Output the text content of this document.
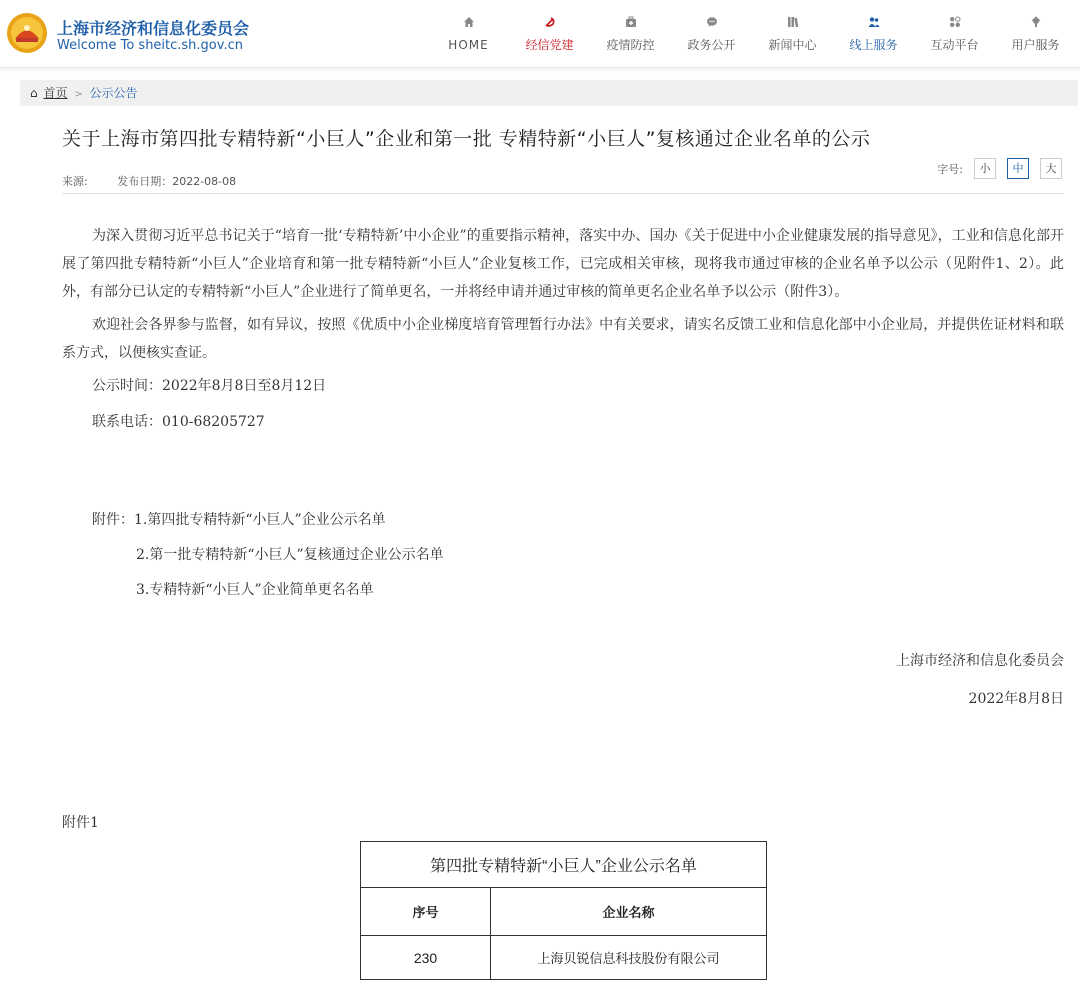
上海市经济和信息化委员会
Welcome To sheitc.sh.gov.cn	HOME	经信党建	疫情防控	政务公开	新闻中心	线上服务	互动平台	用户服务
⌂ 首页 > 公示公告
关于上海市第四批专精特新“小巨人”企业和第一批 专精特新“小巨人”复核通过企业名单的公示
来源:	发布日期：2022-08-08
字号:	小	中	大

为深入贯彻习近平总书记关于“培育一批‘专精特新’中小企业”的重要指示精神，落实中办、国办《关于促进中小企业健康发展的指导意见》，工业和信息化部开展了第四批专精特新“小巨人”企业培育和第一批专精特新“小巨人”企业复核工作，已完成相关审核，现将我市通过审核的企业名单予以公示（见附件1、2）。此外，有部分已认定的专精特新“小巨人”企业进行了简单更名，一并将经申请并通过审核的简单更名企业名单予以公示（附件3）。

欢迎社会各界参与监督，如有异议，按照《优质中小企业梯度培育管理暂行办法》中有关要求，请实名反馈工业和信息化部中小企业局，并提供佐证材料和联系方式，以便核实查证。

公示时间：2022年8月8日至8月12日

联系电话：010-68205727

附件：1.第四批专精特新“小巨人”企业公示名单
2.第一批专精特新“小巨人”复核通过企业公示名单
3.专精特新“小巨人”企业简单更名名单
上海市经济和信息化委员会
2022年8月8日
附件1
第四批专精特新“小巨人”企业公示名单	
序号	企业名称
230	上海贝锐信息科技股份有限公司
